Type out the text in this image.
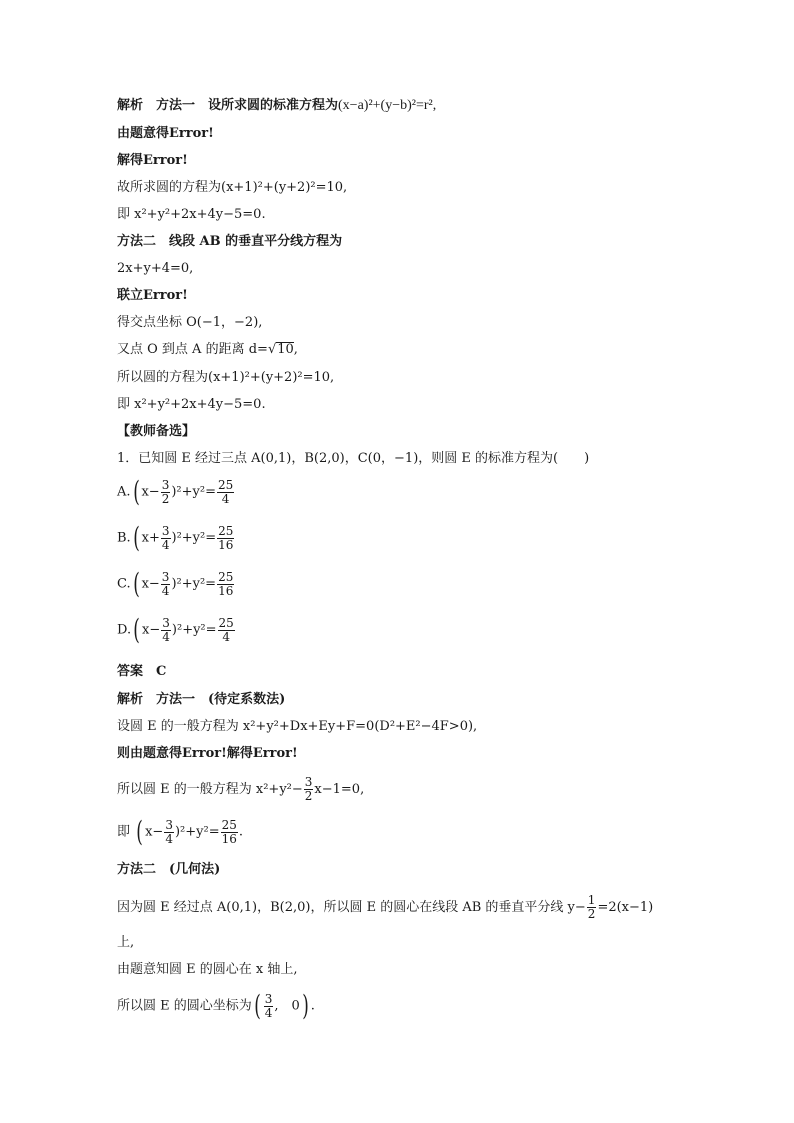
解析　方法一　设所求圆的标准方程为(x−a)²+(y−b)²=r²,
由题意得Error!
解得Error!
故所求圆的方程为(x+1)²+(y+2)²=10,
即 x²+y²+2x+4y−5=0.
方法二　线段 AB 的垂直平分线方程为
2x+y+4=0,
联立Error!
得交点坐标 O(−1，−2),
又点 O 到点 A 的距离 d=√10,
所以圆的方程为(x+1)²+(y+2)²=10,
即 x²+y²+2x+4y−5=0.
【教师备选】
1．已知圆 E 经过三点 A(0,1)，B(2,0)，C(0，−1)，则圆 E 的标准方程为(　　)
A.( $x- \frac{3}{2} )^2+y^2= \frac{25}{4}$
B.( $x+ \frac{3}{4} )^2+y^2= \frac{25}{16}$
C.( $x- \frac{3}{4} )^2+y^2= \frac{25}{16}$
D.( $x- \frac{3}{4} )^2+y^2= \frac{25}{4}$
答案　C
解析　方法一　(待定系数法)
设圆 E 的一般方程为 x²+y²+Dx+Ey+F=0(D²+E²−4F>0),
则由题意得Error!解得Error!
所以圆 E 的一般方程为 $x^2+y^2- \frac{3}{2} x-1=0$,
即 ( $x- \frac{3}{4} )^2+y^2= \frac{25}{16}$ .
方法二　(几何法)
因为圆 E 经过点 A(0,1)，B(2,0)，所以圆 E 的圆心在线段 AB 的垂直平分线 $y- \frac{1}{2} =2(x-1)$
上,
由题意知圆 E 的圆心在 x 轴上,
所以圆 E 的圆心坐标为( $\frac{3}{4}$ ,　0) .
